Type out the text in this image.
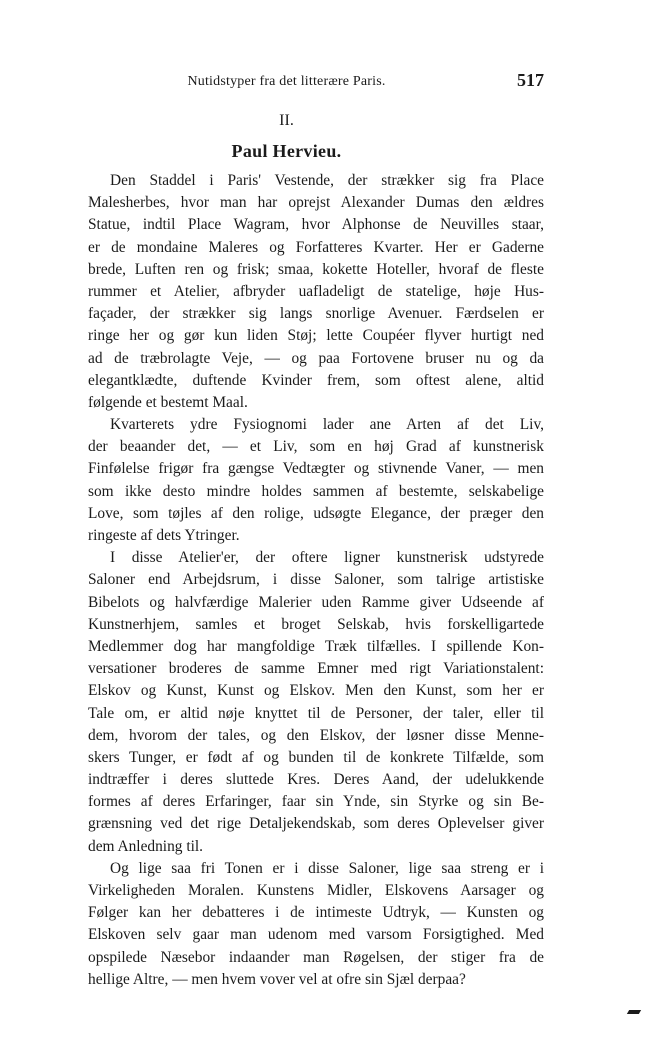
Nutidstyper fra det litterære Paris.	517
II.
Paul Hervieu.
Den Staddel i Paris' Vestende, der strækker sig fra Place
Malesherbes, hvor man har oprejst Alexander Dumas den ældres
Statue, indtil Place Wagram, hvor Alphonse de Neuvilles staar,
er de mondaine Maleres og Forfatteres Kvarter. Her er Gaderne
brede, Luften ren og frisk; smaa, kokette Hoteller, hvoraf de fleste
rummer et Atelier, afbryder uafladeligt de statelige, høje Hus-
façader, der strækker sig langs snorlige Avenuer. Færdselen er
ringe her og gør kun liden Støj; lette Coupéer flyver hurtigt ned
ad de træbrolagte Veje, — og paa Fortovene bruser nu og da
elegantklædte, duftende Kvinder frem, som oftest alene, altid
følgende et bestemt Maal.
Kvarterets ydre Fysiognomi lader ane Arten af det Liv,
der beaander det, — et Liv, som en høj Grad af kunstnerisk
Finfølelse frigør fra gængse Vedtægter og stivnende Vaner, — men
som ikke desto mindre holdes sammen af bestemte, selskabelige
Love, som tøjles af den rolige, udsøgte Elegance, der præger den
ringeste af dets Ytringer.
I disse Atelier'er, der oftere ligner kunstnerisk udstyrede
Saloner end Arbejdsrum, i disse Saloner, som talrige artistiske
Bibelots og halvfærdige Malerier uden Ramme giver Udseende af
Kunstnerhjem, samles et broget Selskab, hvis forskelligartede
Medlemmer dog har mangfoldige Træk tilfælles. I spillende Kon-
versationer broderes de samme Emner med rigt Variationstalent:
Elskov og Kunst, Kunst og Elskov. Men den Kunst, som her er
Tale om, er altid nøje knyttet til de Personer, der taler, eller til
dem, hvorom der tales, og den Elskov, der løsner disse Menne-
skers Tunger, er født af og bunden til de konkrete Tilfælde, som
indtræffer i deres sluttede Kres. Deres Aand, der udelukkende
formes af deres Erfaringer, faar sin Ynde, sin Styrke og sin Be-
grænsning ved det rige Detaljekendskab, som deres Oplevelser giver
dem Anledning til.
Og lige saa fri Tonen er i disse Saloner, lige saa streng er i
Virkeligheden Moralen. Kunstens Midler, Elskovens Aarsager og
Følger kan her debatteres i de intimeste Udtryk, — Kunsten og
Elskoven selv gaar man udenom med varsom Forsigtighed. Med
opspilede Næsebor indaander man Røgelsen, der stiger fra de
hellige Altre, — men hvem vover vel at ofre sin Sjæl derpaa?
